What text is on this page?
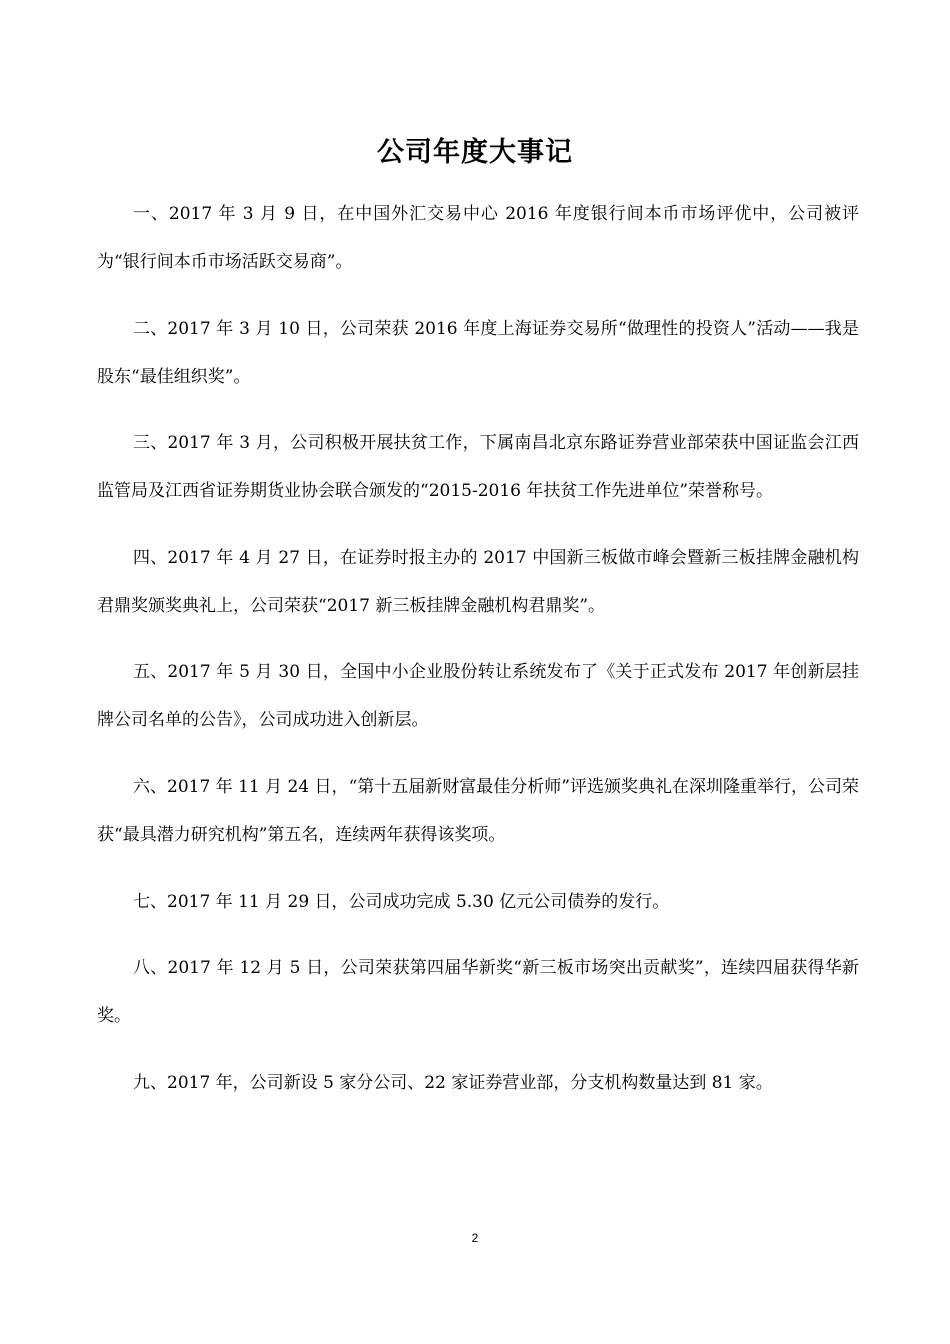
公司年度大事记

一、2017 年 3 月 9 日，在中国外汇交易中心 2016 年度银行间本币市场评优中，公司被评为“银行间本币市场活跃交易商”。

二、2017 年 3 月 10 日，公司荣获 2016 年度上海证券交易所“做理性的投资人”活动——我是股东“最佳组织奖”。

三、2017 年 3 月，公司积极开展扶贫工作，下属南昌北京东路证券营业部荣获中国证监会江西监管局及江西省证券期货业协会联合颁发的“2015-2016 年扶贫工作先进单位”荣誉称号。

四、2017 年 4 月 27 日，在证券时报主办的 2017 中国新三板做市峰会暨新三板挂牌金融机构君鼎奖颁奖典礼上，公司荣获“2017 新三板挂牌金融机构君鼎奖”。

五、2017 年 5 月 30 日，全国中小企业股份转让系统发布了《关于正式发布 2017 年创新层挂牌公司名单的公告》，公司成功进入创新层。

六、2017 年 11 月 24 日，“第十五届新财富最佳分析师”评选颁奖典礼在深圳隆重举行，公司荣获“最具潜力研究机构”第五名，连续两年获得该奖项。

七、2017 年 11 月 29 日，公司成功完成 5.30 亿元公司债券的发行。

八、2017 年 12 月 5 日，公司荣获第四届华新奖“新三板市场突出贡献奖”，连续四届获得华新奖。

九、2017 年，公司新设 5 家分公司、22 家证券营业部，分支机构数量达到 81 家。

2
